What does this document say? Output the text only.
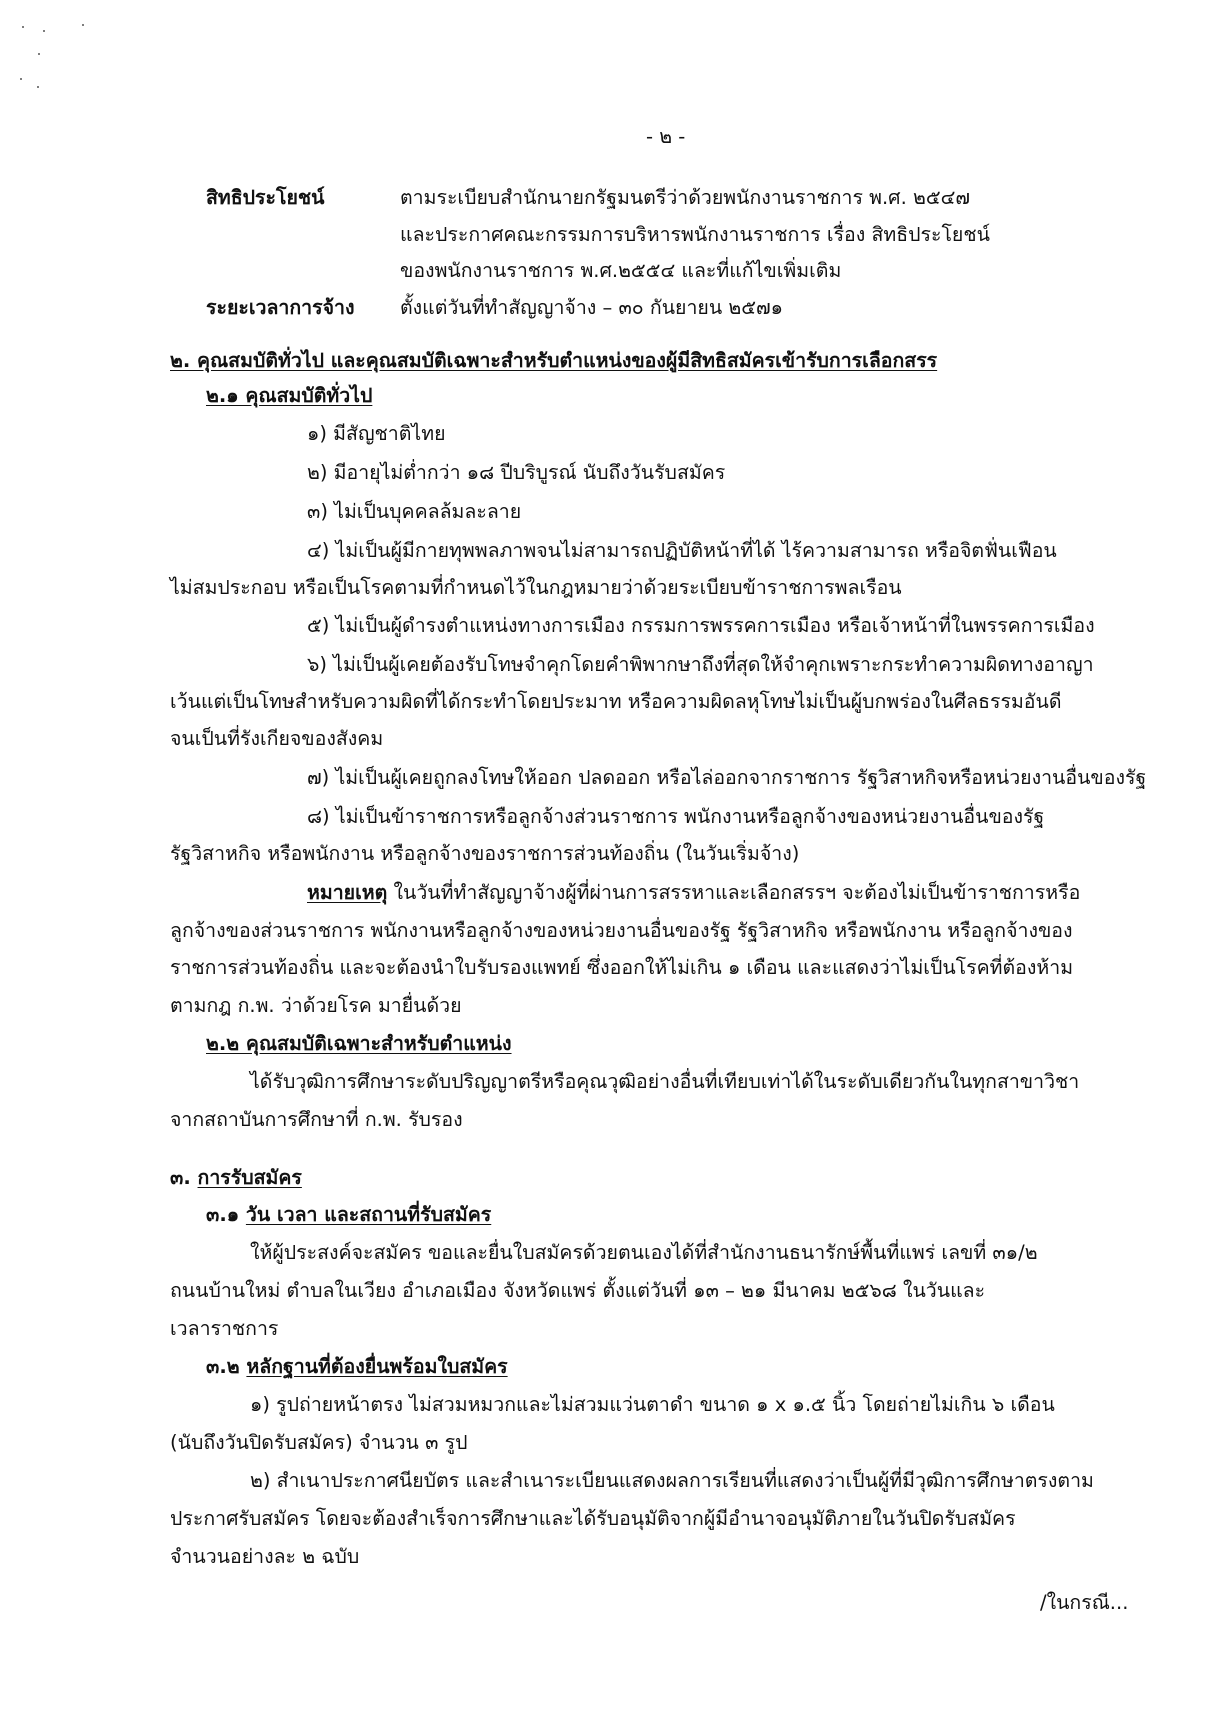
- ๒ -
สิทธิประโยชน์	ตามระเบียบสำนักนายกรัฐมนตรีว่าด้วยพนักงานราชการ พ.ศ. ๒๕๔๗
และประกาศคณะกรรมการบริหารพนักงานราชการ เรื่อง สิทธิประโยชน์
ของพนักงานราชการ พ.ศ.๒๕๕๔ และที่แก้ไขเพิ่มเติม
ระยะเวลาการจ้าง ตั้งแต่วันที่ทำสัญญาจ้าง – ๓๐ กันยายน ๒๕๗๑
๒. คุณสมบัติทั่วไป และคุณสมบัติเฉพาะสำหรับตำแหน่งของผู้มีสิทธิสมัครเข้ารับการเลือกสรร
๒.๑ คุณสมบัติทั่วไป
๑) มีสัญชาติไทย
๒) มีอายุไม่ต่ำกว่า ๑๘ ปีบริบูรณ์ นับถึงวันรับสมัคร
๓) ไม่เป็นบุคคลล้มละลาย
๔) ไม่เป็นผู้มีกายทุพพลภาพจนไม่สามารถปฏิบัติหน้าที่ได้ ไร้ความสามารถ หรือจิตฟั่นเฟือน
ไม่สมประกอบ หรือเป็นโรคตามที่กำหนดไว้ในกฎหมายว่าด้วยระเบียบข้าราชการพลเรือน
๕) ไม่เป็นผู้ดำรงตำแหน่งทางการเมือง กรรมการพรรคการเมือง หรือเจ้าหน้าที่ในพรรคการเมือง
๖) ไม่เป็นผู้เคยต้องรับโทษจำคุกโดยคำพิพากษาถึงที่สุดให้จำคุกเพราะกระทำความผิดทางอาญา
เว้นแต่เป็นโทษสำหรับความผิดที่ได้กระทำโดยประมาท หรือความผิดลหุโทษไม่เป็นผู้บกพร่องในศีลธรรมอันดี
จนเป็นที่รังเกียจของสังคม
๗) ไม่เป็นผู้เคยถูกลงโทษให้ออก ปลดออก หรือไล่ออกจากราชการ รัฐวิสาหกิจหรือหน่วยงานอื่นของรัฐ
๘) ไม่เป็นข้าราชการหรือลูกจ้างส่วนราชการ พนักงานหรือลูกจ้างของหน่วยงานอื่นของรัฐ
รัฐวิสาหกิจ หรือพนักงาน หรือลูกจ้างของราชการส่วนท้องถิ่น (ในวันเริ่มจ้าง)
หมายเหตุ ในวันที่ทำสัญญาจ้างผู้ที่ผ่านการสรรหาและเลือกสรรฯ จะต้องไม่เป็นข้าราชการหรือ
ลูกจ้างของส่วนราชการ พนักงานหรือลูกจ้างของหน่วยงานอื่นของรัฐ รัฐวิสาหกิจ หรือพนักงาน หรือลูกจ้างของ
ราชการส่วนท้องถิ่น และจะต้องนำใบรับรองแพทย์ ซึ่งออกให้ไม่เกิน ๑ เดือน และแสดงว่าไม่เป็นโรคที่ต้องห้าม
ตามกฎ ก.พ. ว่าด้วยโรค มายื่นด้วย
๒.๒ คุณสมบัติเฉพาะสำหรับตำแหน่ง
ได้รับวุฒิการศึกษาระดับปริญญาตรีหรือคุณวุฒิอย่างอื่นที่เทียบเท่าได้ในระดับเดียวกันในทุกสาขาวิชา
จากสถาบันการศึกษาที่ ก.พ. รับรอง
๓. การรับสมัคร
๓.๑ วัน เวลา และสถานที่รับสมัคร
ให้ผู้ประสงค์จะสมัคร ขอและยื่นใบสมัครด้วยตนเองได้ที่สำนักงานธนารักษ์พื้นที่แพร่ เลขที่ ๓๑/๒
ถนนบ้านใหม่ ตำบลในเวียง อำเภอเมือง จังหวัดแพร่ ตั้งแต่วันที่ ๑๓ – ๒๑ มีนาคม ๒๕๖๘ ในวันและ
เวลาราชการ
๓.๒ หลักฐานที่ต้องยื่นพร้อมใบสมัคร
๑) รูปถ่ายหน้าตรง ไม่สวมหมวกและไม่สวมแว่นตาดำ ขนาด ๑ x ๑.๕ นิ้ว โดยถ่ายไม่เกิน ๖ เดือน
(นับถึงวันปิดรับสมัคร) จำนวน ๓ รูป
๒) สำเนาประกาศนียบัตร และสำเนาระเบียนแสดงผลการเรียนที่แสดงว่าเป็นผู้ที่มีวุฒิการศึกษาตรงตาม
ประกาศรับสมัคร โดยจะต้องสำเร็จการศึกษาและได้รับอนุมัติจากผู้มีอำนาจอนุมัติภายในวันปิดรับสมัคร
จำนวนอย่างละ ๒ ฉบับ
/ในกรณี...
